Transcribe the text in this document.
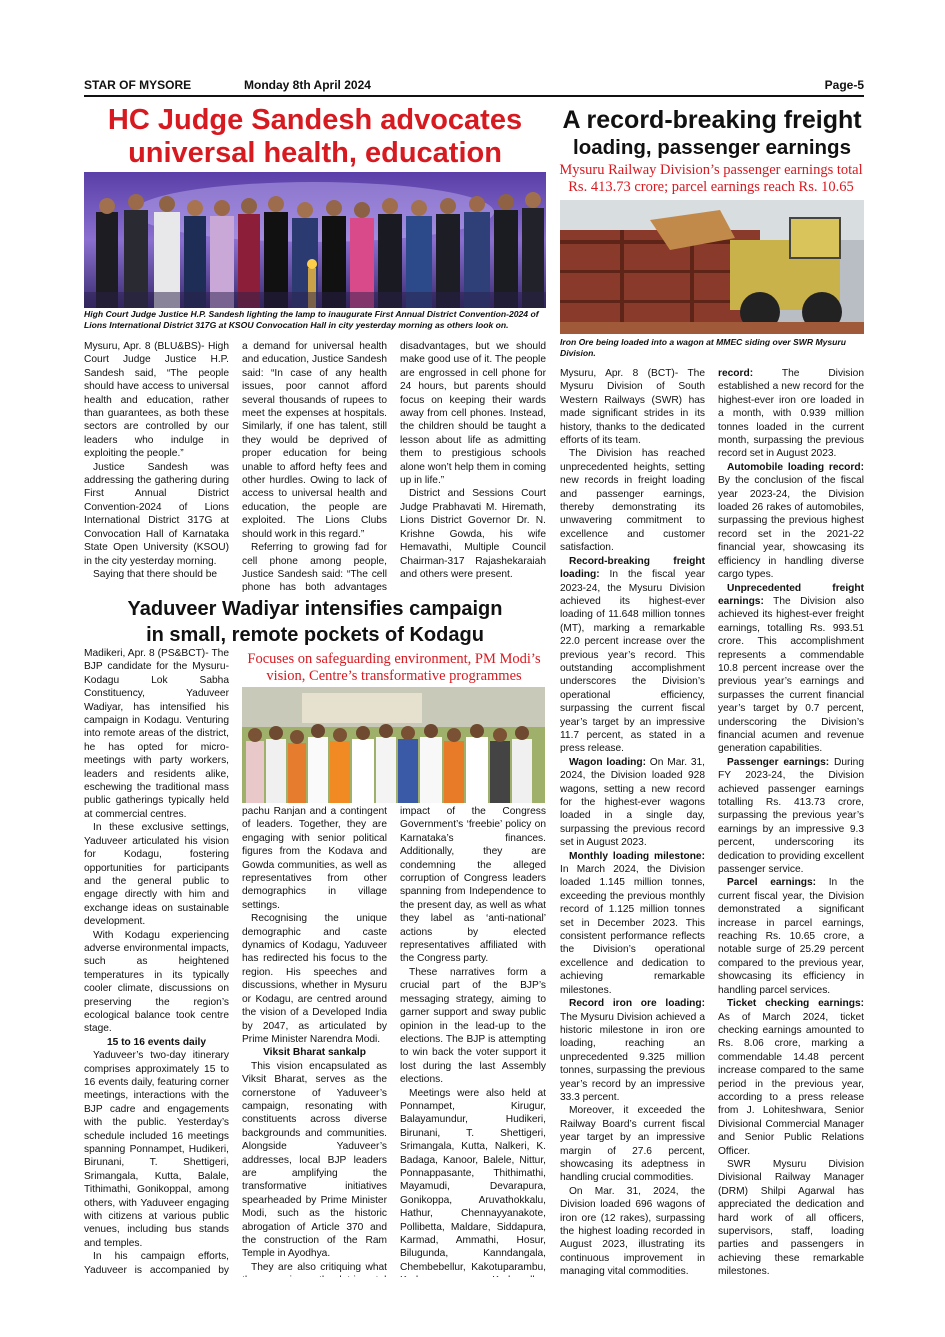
STAR OF MYSORE	Monday 8th April 2024	Page-5
HC Judge Sandesh advocates
universal health, education
High Court Judge Justice H.P. Sandesh lighting the lamp to inaugurate First Annual District Convention-2024 of Lions International District 317G at KSOU Convocation Hall in city yesterday morning as others look on.

Mysuru, Apr. 8 (BLU&BS)- High Court Judge Justice H.P. Sandesh said, “The people should have access to universal health and education, rather than guarantees, as both these sectors are controlled by our leaders who indulge in exploiting the people.”

Justice Sandesh was addressing the gathering during First Annual District Convention-2024 of Lions International District 317G at Convocation Hall of Karnataka State Open University (KSOU) in the city yesterday morning.

Saying that there should be

a demand for universal health and education, Justice Sandesh said: “In case of any health issues, poor cannot afford several thousands of rupees to meet the expenses at hospitals. Similarly, if one has talent, still they would be deprived of proper education for being unable to afford hefty fees and other hurdles. Owing to lack of access to universal health and education, the people are exploited. The Lions Clubs should work in this regard.”

Referring to growing fad for cell phone among people, Justice Sandesh said: “The cell phone has both advantages

disadvantages, but we should make good use of it. The people are engrossed in cell phone for 24 hours, but parents should focus on keeping their wards away from cell phones. Instead, the children should be taught a lesson about life as admitting them to prestigious schools alone won’t help them in coming up in life.”

District and Sessions Court Judge Prabhavati M. Hiremath, Lions District Governor Dr. N. Krishne Gowda, his wife Hemavathi, Multiple Council Chairman-317 Rajashekaraiah and others were present.

Yaduveer Wadiyar intensifies campaign
in small, remote pockets of Kodagu
Focuses on safeguarding environment, PM Modi’s vision, Centre’s transformative programmes

Madikeri, Apr. 8 (PS&BCT)- The BJP candidate for the Mysuru-Kodagu Lok Sabha Constituency, Yaduveer Wadiyar, has intensified his campaign in Kodagu. Venturing into remote areas of the district, he has opted for micro-meetings with party workers, leaders and residents alike, eschewing the traditional mass public gatherings typically held at commercial centres.

In these exclusive settings, Yaduveer articulated his vision for Kodagu, fostering opportunities for participants and the general public to engage directly with him and exchange ideas on sustainable development.

With Kodagu experiencing adverse environmental impacts, such as heightened temperatures in its typically cooler climate, discussions on preserving the region’s ecological balance took centre stage.

15 to 16 events daily

Yaduveer’s two-day itinerary comprises approximately 15 to 16 events daily, featuring corner meetings, interactions with the BJP cadre and engagements with the public. Yesterday’s schedule included 16 meetings spanning Ponnampet, Hudikeri, Birunani, T. Shettigeri, Srimangala, Kutta, Balale, Tithimathi, Gonikoppal, among others, with Yaduveer engaging with citizens at various public venues, including bus stands and temples.

In his campaign efforts, Yaduveer is accompanied by

pachu Ranjan and a contingent of leaders. Together, they are engaging with senior political figures from the Kodava and Gowda communities, as well as representatives from other demographics in village settings.

Recognising the unique demographic and caste dynamics of Kodagu, Yaduveer has redirected his focus to the region. His speeches and discussions, whether in Mysuru or Kodagu, are centred around the vision of a Developed India by 2047, as articulated by Prime Minister Narendra Modi.

Viksit Bharat sankalp

This vision encapsulated as Viksit Bharat, serves as the cornerstone of Yaduveer’s campaign, resonating with constituents across diverse backgrounds and communities. Alongside Yaduveer’s addresses, local BJP leaders are amplifying the transformative initiatives spearheaded by Prime Minister Modi, such as the historic abrogation of Article 370 and the construction of the Ram Temple in Ayodhya.

They are also critiquing what

impact of the Congress Government’s ‘freebie’ policy on Karnataka’s finances. Additionally, they are condemning the alleged corruption of Congress leaders spanning from Independence to the present day, as well as what they label as ‘anti-national’ actions by elected representatives affiliated with the Congress party.

These narratives form a crucial part of the BJP’s messaging strategy, aiming to garner support and sway public opinion in the lead-up to the elections. The BJP is attempting to win back the voter support it lost during the last Assembly elections.

Meetings were also held at Ponnampet, Kirugur, Balayamundur, Hudikeri, Birunani, T. Shettigeri, Srimangala, Kutta, Nalkeri, K. Badaga, Kanoor, Balele, Nittur, Ponnappasante, Thithimathi, Mayamudi, Devarapura, Gonikoppa, Aruvathokkalu, Hathur, Chennayyanakote, Pollibetta, Maldare, Siddapura, Karmad, Ammathi, Hosur, Bilugunda, Kanndangala, Chembebellur, Kakotuparambu,

A record-breaking freight
loading, passenger earnings
Mysuru Railway Division’s passenger earnings total Rs. 413.73 crore; parcel earnings reach Rs. 10.65
Iron Ore being loaded into a wagon at MMEC siding over SWR Mysuru Division.

Mysuru, Apr. 8 (BCT)- The Mysuru Division of South Western Railways (SWR) has made significant strides in its history, thanks to the dedicated efforts of its team.

The Division has reached unprecedented heights, setting new records in freight loading and passenger earnings, thereby demonstrating its unwavering commitment to excellence and customer satisfaction.

Record-breaking freight loading: In the fiscal year 2023-24, the Mysuru Division achieved its highest-ever loading of 11.648 million tonnes (MT), marking a remarkable 22.0 percent increase over the previous year’s record. This outstanding accomplishment underscores the Division’s operational efficiency, surpassing the current fiscal year’s target by an impressive 11.7 percent, as stated in a press release.

Wagon loading: On Mar. 31, 2024, the Division loaded 928 wagons, setting a new record for the highest-ever wagons loaded in a single day, surpassing the previous record set in August 2023.

Monthly loading milestone: In March 2024, the Division loaded 1.145 million tonnes, exceeding the previous monthly record of 1.125 million tonnes set in December 2023. This consistent performance reflects the Division’s operational excellence and dedication to achieving remarkable milestones.

Record iron ore loading: The Mysuru Division achieved a historic milestone in iron ore loading, reaching an unprecedented 9.325 million tonnes, surpassing the previous year’s record by an impressive 33.3 percent.

Moreover, it exceeded the Railway Board’s current fiscal year target by an impressive margin of 27.6 percent, showcasing its adeptness in handling crucial commodities.

On Mar. 31, 2024, the Division loaded 696 wagons of iron ore (12 rakes), surpassing the highest loading recorded in August 2023, illustrating its continuous improvement in managing vital commodities.

record: The Division established a new record for the highest-ever iron ore loaded in a month, with 0.939 million tonnes loaded in the current month, surpassing the previous record set in August 2023.

Automobile loading record: By the conclusion of the fiscal year 2023-24, the Division loaded 26 rakes of automobiles, surpassing the previous highest record set in the 2021-22 financial year, showcasing its efficiency in handling diverse cargo types.

Unprecedented freight earnings: The Division also achieved its highest-ever freight earnings, totalling Rs. 993.51 crore. This accomplishment represents a commendable 10.8 percent increase over the previous year’s earnings and surpasses the current financial year’s target by 0.7 percent, underscoring the Division’s financial acumen and revenue generation capabilities.

Passenger earnings: During FY 2023-24, the Division achieved passenger earnings totalling Rs. 413.73 crore, surpassing the previous year’s earnings by an impressive 9.3 percent, underscoring its dedication to providing excellent passenger service.

Parcel earnings: In the current fiscal year, the Division demonstrated a significant increase in parcel earnings, reaching Rs. 10.65 crore, a notable surge of 25.29 percent compared to the previous year, showcasing its efficiency in handling parcel services.

Ticket checking earnings: As of March 2024, ticket checking earnings amounted to Rs. 8.06 crore, marking a commendable 14.48 percent increase compared to the same period in the previous year, according to a press release from J. Lohiteshwara, Senior Divisional Commercial Manager and Senior Public Relations Officer.

SWR Mysuru Division Divisional Railway Manager (DRM) Shilpi Agarwal has appreciated the dedication and hard work of all officers, supervisors, staff, loading parties and passengers in achieving these remarkable milestones.
